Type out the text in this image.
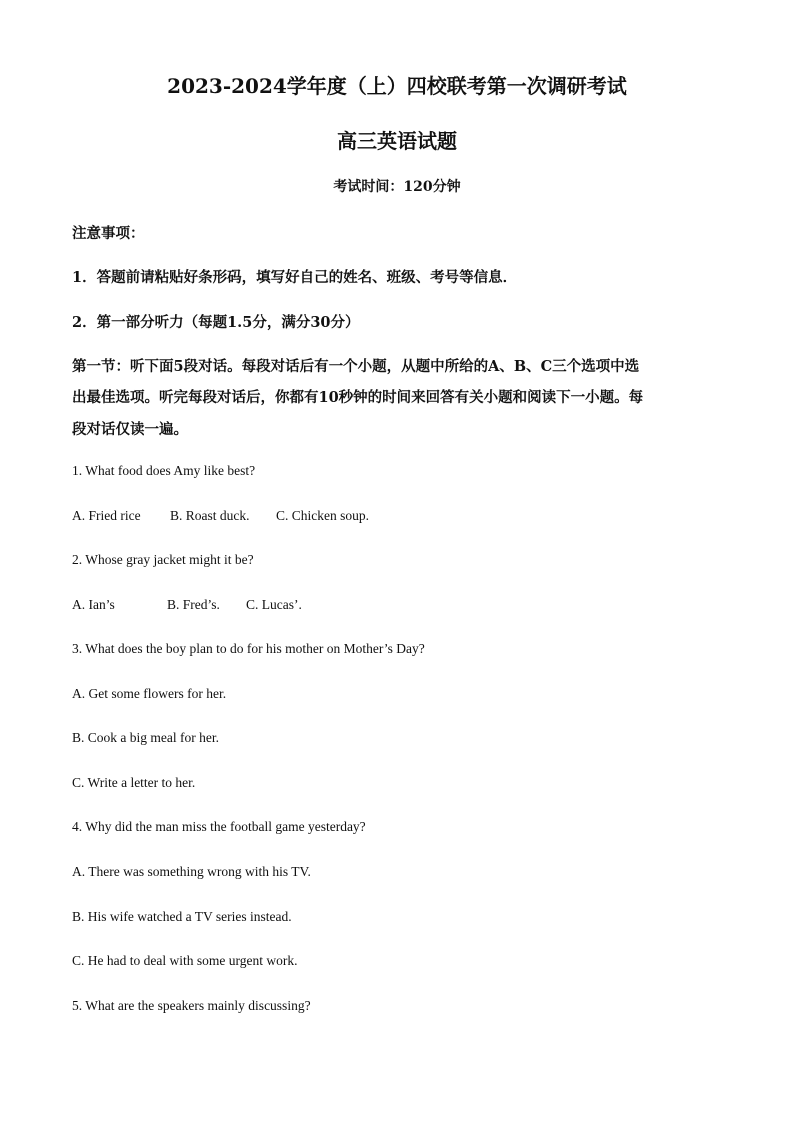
2023-2024学年度（上）四校联考第一次调研考试
高三英语试题
考试时间：120分钟
注意事项：
1．答题前请粘贴好条形码，填写好自己的姓名、班级、考号等信息．
2．第一部分听力（每题1.5分，满分30分）
第一节：听下面5段对话。每段对话后有一个小题，从题中所给的A、B、C三个选项中选
出最佳选项。听完每段对话后，你都有10秒钟的时间来回答有关小题和阅读下一小题。每
段对话仅读一遍。
1. What food does Amy like best?
A. Fried rice B. Roast duck. C. Chicken soup.
2. Whose gray jacket might it be?
A. Ian’s	B. Fred’s. C. Lucas’.
3. What does the boy plan to do for his mother on Mother’s Day?
A. Get some flowers for her.
B. Cook a big meal for her.
C. Write a letter to her.
4. Why did the man miss the football game yesterday?
A. There was something wrong with his TV.
B. His wife watched a TV series instead.
C. He had to deal with some urgent work.
5. What are the speakers mainly discussing?
